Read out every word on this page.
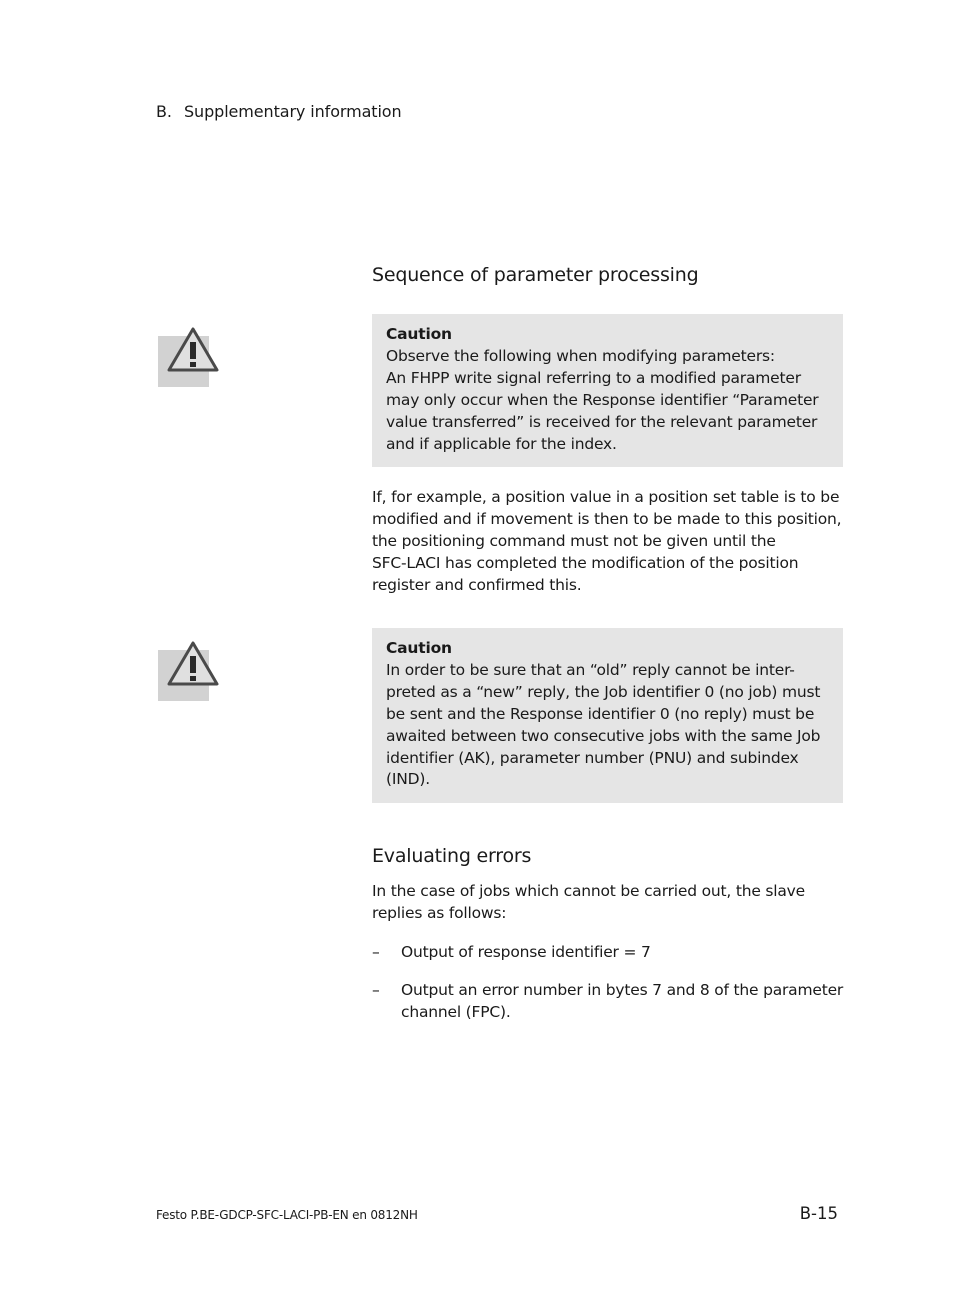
B. Supplementary information
Sequence of parameter processing
Caution
Observe the following when modifying parameters:
An FHPP write signal referring to a modified parameter
may only occur when the Response identifier “Parameter
value transferred” is received for the relevant parameter
and if applicable for the index.
If, for example, a position value in a position set table is to be
modified and if movement is then to be made to this position,
the positioning command must not be given until the
SFC-LACI has completed the modification of the position
register and confirmed this.
Caution
In order to be sure that an “old” reply cannot be inter-
preted as a “new” reply, the Job identifier 0 (no job) must
be sent and the Response identifier 0 (no reply) must be
awaited between two consecutive jobs with the same Job
identifier (AK), parameter number (PNU) and subindex
(IND).
Evaluating errors
In the case of jobs which cannot be carried out, the slave
replies as follows:
– Output of response identifier = 7
– Output an error number in bytes 7 and 8 of the parameter
channel (FPC).
Festo P.BE-GDCP-SFC-LACI-PB-EN en 0812NH	B-15
